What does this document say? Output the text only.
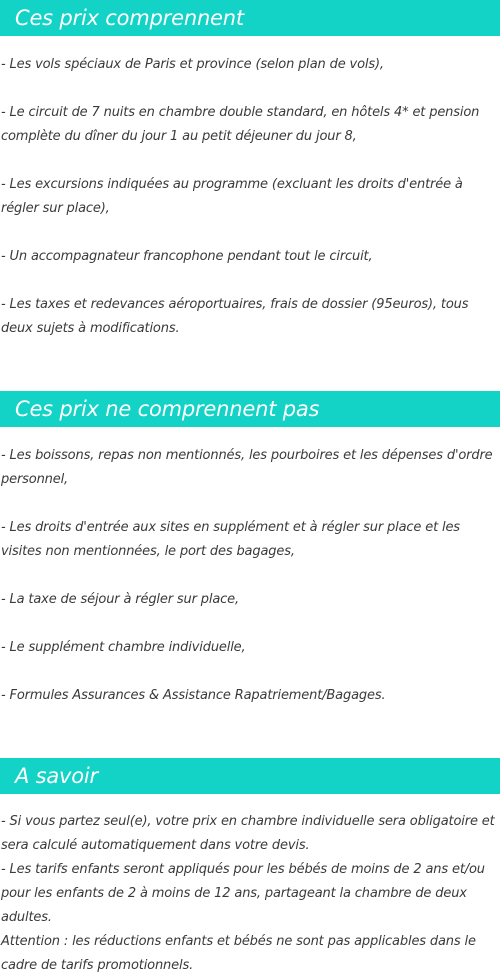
Ces prix comprennent

- Les vols spéciaux de Paris et province (selon plan de vols),

- Le circuit de 7 nuits en chambre double standard, en hôtels 4* et pension complète du dîner du jour 1 au petit déjeuner du jour 8,

- Les excursions indiquées au programme (excluant les droits d'entrée à régler sur place),

- Un accompagnateur francophone pendant tout le circuit,

- Les taxes et redevances aéroportuaires, frais de dossier (95euros), tous deux sujets à modifications.

Ces prix ne comprennent pas

- Les boissons, repas non mentionnés, les pourboires et les dépenses d'ordre personnel,

- Les droits d'entrée aux sites en supplément et à régler sur place et les visites non mentionnées, le port des bagages,

- La taxe de séjour à régler sur place,

- Le supplément chambre individuelle,

- Formules Assurances & Assistance Rapatriement/Bagages.

A savoir

- Si vous partez seul(e), votre prix en chambre individuelle sera obligatoire et sera calculé automatiquement dans votre devis.

- Les tarifs enfants seront appliqués pour les bébés de moins de 2 ans et/ou pour les enfants de 2 à moins de 12 ans, partageant la chambre de deux adultes.

Attention : les réductions enfants et bébés ne sont pas applicables dans le cadre de tarifs promotionnels.
